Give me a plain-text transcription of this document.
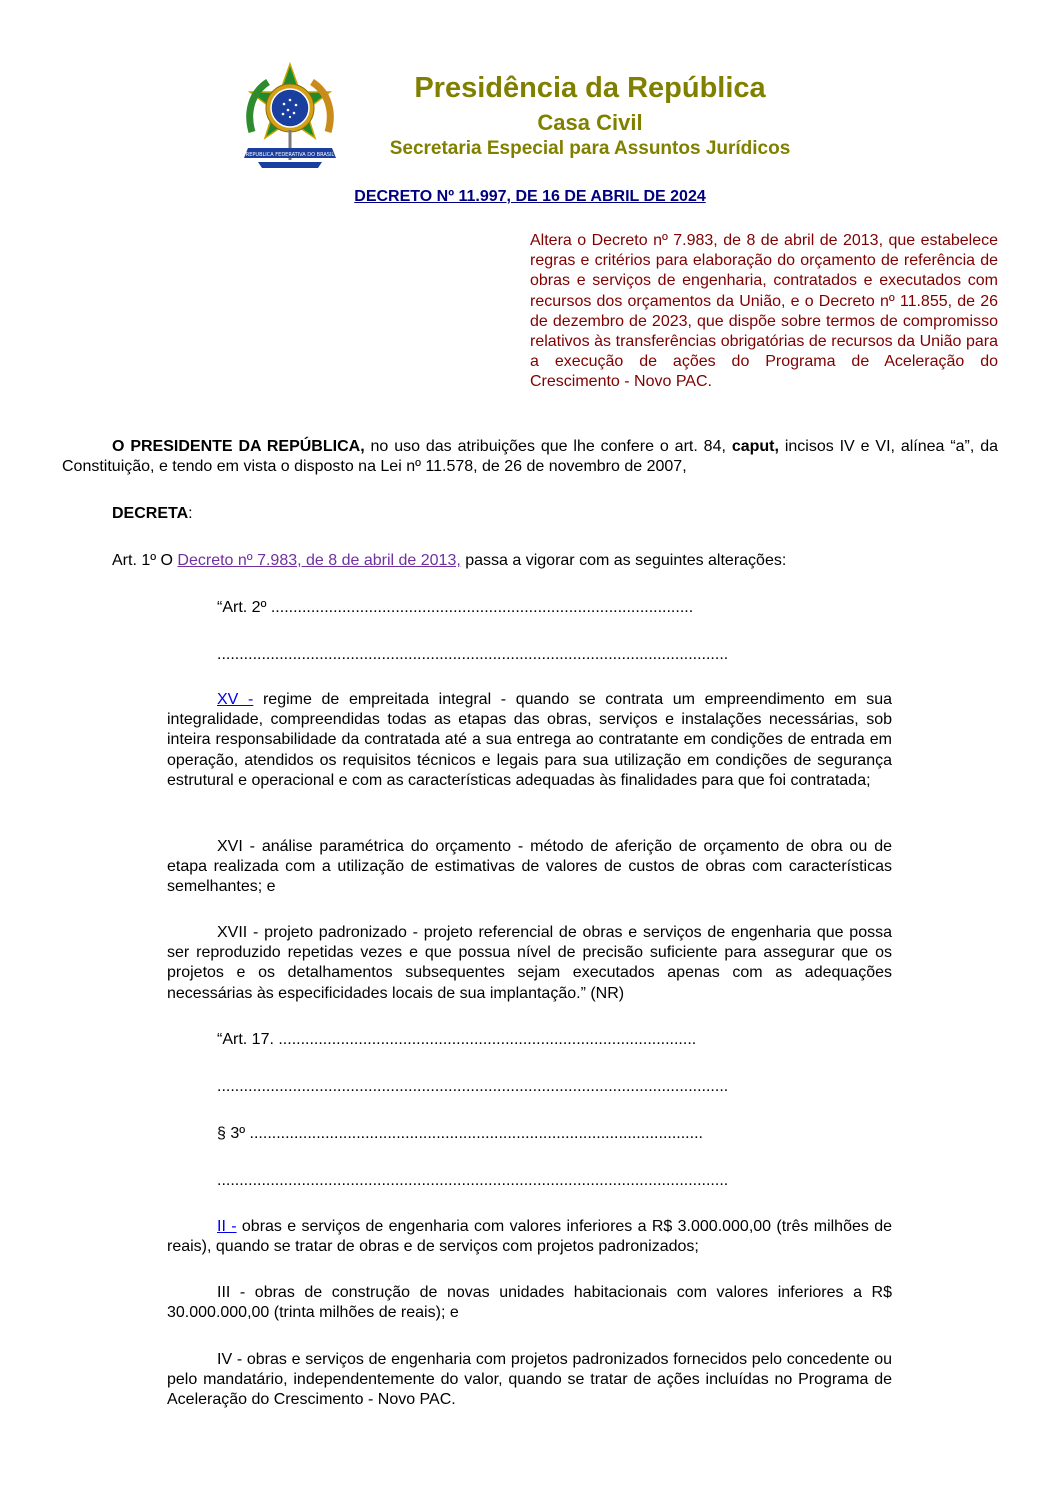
REPUBLICA FEDERATIVA DO BRASIL
Presidência da República
Casa Civil
Secretaria Especial para Assuntos Jurídicos
DECRETO Nº 11.997, DE 16 DE ABRIL DE 2024
Altera o Decreto nº 7.983, de 8 de abril de 2013, que estabelece regras e critérios para elaboração do orçamento de referência de obras e serviços de engenharia, contratados e executados com recursos dos orçamentos da União, e o Decreto nº 11.855, de 26 de dezembro de 2023, que dispõe sobre termos de compromisso relativos às transferências obrigatórias de recursos da União para a execução de ações do Programa de Aceleração do Crescimento - Novo PAC.
O PRESIDENTE DA REPÚBLICA, no uso das atribuições que lhe confere o art. 84, caput, incisos IV e VI, alínea “a”, da Constituição, e tendo em vista o disposto na Lei nº 11.578, de 26 de novembro de 2007,
DECRETA:
Art. 1º O Decreto nº 7.983, de 8 de abril de 2013, passa a vigorar com as seguintes alterações:
“Art. 2º ...............................................................................................
...................................................................................................................
XV - regime de empreitada integral - quando se contrata um empreendimento em sua integralidade, compreendidas todas as etapas das obras, serviços e instalações necessárias, sob inteira responsabilidade da contratada até a sua entrega ao contratante em condições de entrada em operação, atendidos os requisitos técnicos e legais para sua utilização em condições de segurança estrutural e operacional e com as características adequadas às finalidades para que foi contratada;
XVI - análise paramétrica do orçamento - método de aferição de orçamento de obra ou de etapa realizada com a utilização de estimativas de valores de custos de obras com características semelhantes; e
XVII - projeto padronizado - projeto referencial de obras e serviços de engenharia que possa ser reproduzido repetidas vezes e que possua nível de precisão suficiente para assegurar que os projetos e os detalhamentos subsequentes sejam executados apenas com as adequações necessárias às especificidades locais de sua implantação.” (NR)
“Art. 17. ..............................................................................................
...................................................................................................................
§ 3º ......................................................................................................
...................................................................................................................
II - obras e serviços de engenharia com valores inferiores a R$ 3.000.000,00 (três milhões de reais), quando se tratar de obras e de serviços com projetos padronizados;
III - obras de construção de novas unidades habitacionais com valores inferiores a R$ 30.000.000,00 (trinta milhões de reais); e
IV - obras e serviços de engenharia com projetos padronizados fornecidos pelo concedente ou pelo mandatário, independentemente do valor, quando se tratar de ações incluídas no Programa de Aceleração do Crescimento - Novo PAC.
